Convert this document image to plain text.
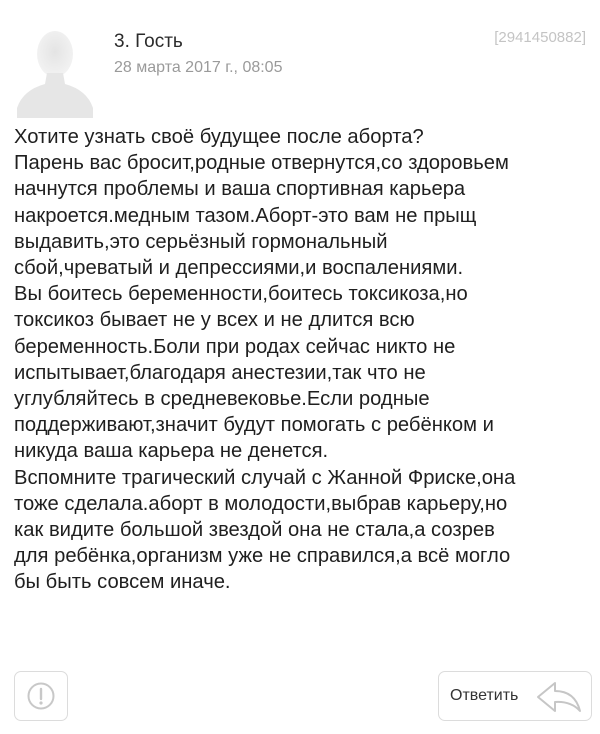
3. Гость
28 марта 2017 г., 08:05
[2941450882]
Хотите узнать своё будущее после аборта?
Парень вас бросит,родные отвернутся,со здоровьем
начнутся проблемы и ваша спортивная карьера
накроется.медным тазом.Аборт-это вам не прыщ
выдавить,это серьёзный гормональный
сбой,чреватый и депрессиями,и воспалениями.
Вы боитесь беременности,боитесь токсикоза,но
токсикоз бывает не у всех и не длится всю
беременность.Боли при родах сейчас никто не
испытывает,благодаря анестезии,так что не
углубляйтесь в средневековье.Если родные
поддерживают,значит будут помогать с ребёнком и
никуда ваша карьера не денется.
Вспомните трагический случай с Жанной Фриске,она
тоже сделала.аборт в молодости,выбрав карьеру,но
как видите большой звездой она не стала,а созрев
для ребёнка,организм уже не справился,а всё могло
бы быть совсем иначе.
Ответить
